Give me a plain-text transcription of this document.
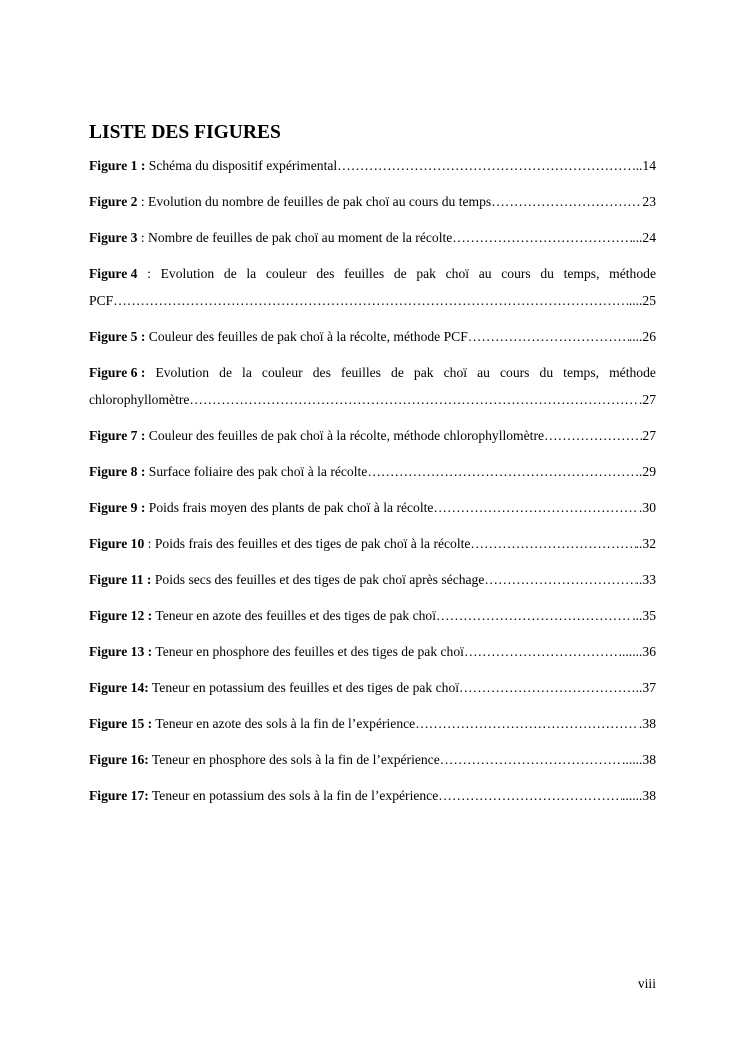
LISTE DES FIGURES
Figure 1 : Schéma du dispositif expérimental ……………………………………………………………………………………………………………………………………………………	...14
Figure 2 : Evolution du nombre de feuilles de pak choï au cours du temps ……………………………………………………………………………………………………………………………………………………	23
Figure 3 : Nombre de feuilles de pak choï au moment de la récolte ……………………………………………………………………………………………………………………………………………………	...24
Figure 4 : Evolution de la couleur des feuilles de pak choï au cours du temps, méthode
PCF ……………………………………………………………………………………………………………………………………………………	....25
Figure 5 : Couleur des feuilles de pak choï à la récolte, méthode PCF ……………………………………………………………………………………………………………………………………………………	....26
Figure 6 : Evolution de la couleur des feuilles de pak choï au cours du temps, méthode
chlorophyllomètre ……………………………………………………………………………………………………………………………………………………	.27
Figure 7 : Couleur des feuilles de pak choï à la récolte, méthode chlorophyllomètre ……………………………………………………………………………………………………………………………………………………	27
Figure 8 : Surface foliaire des pak choï à la récolte ……………………………………………………………………………………………………………………………………………………	.29
Figure 9 : Poids frais moyen des plants de pak choï à la récolte ……………………………………………………………………………………………………………………………………………………	.30
Figure 10 : Poids frais des feuilles et des tiges de pak choï à la récolte ……………………………………………………………………………………………………………………………………………………	..32
Figure 11 : Poids secs des feuilles et des tiges de pak choï après séchage ……………………………………………………………………………………………………………………………………………………	..33
Figure 12 : Teneur en azote des feuilles et des tiges de pak choï ……………………………………………………………………………………………………………………………………………………	...35
Figure 13 : Teneur en phosphore des feuilles et des tiges de pak choï ……………………………………………………………………………………………………………………………………………………	.......36
Figure 14: Teneur en potassium des feuilles et des tiges de pak choï ……………………………………………………………………………………………………………………………………………………	..37
Figure 15 : Teneur en azote des sols à la fin de l’expérience ……………………………………………………………………………………………………………………………………………………	.38
Figure 16: Teneur en phosphore des sols à la fin de l’expérience ……………………………………………………………………………………………………………………………………………………	......38
Figure 17: Teneur en potassium des sols à la fin de l’expérience ……………………………………………………………………………………………………………………………………………………	......38
viii
